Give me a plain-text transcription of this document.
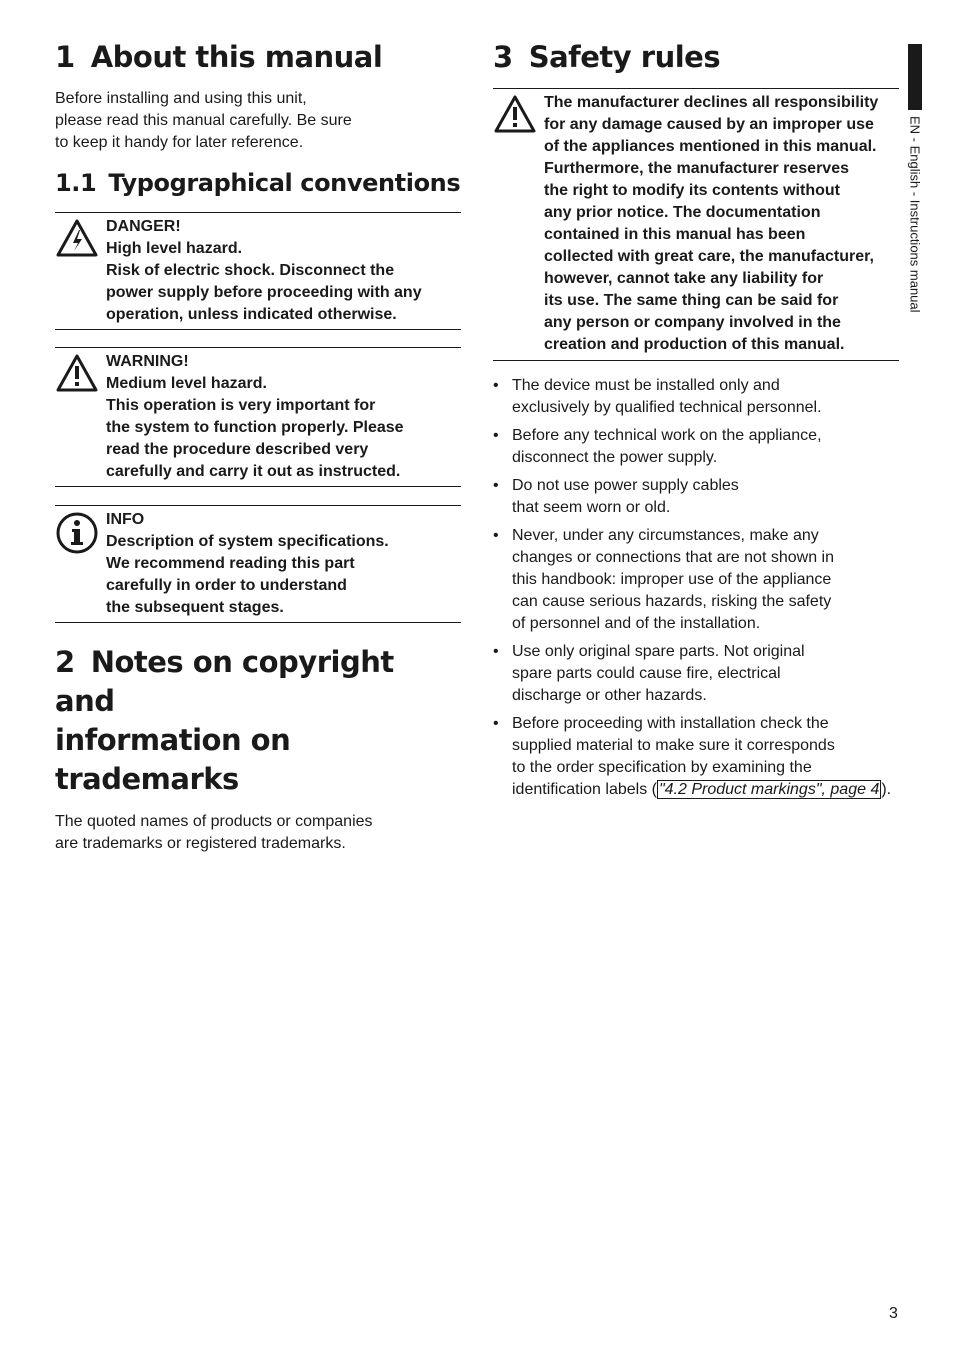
EN - English - Instructions manual
1 About this manual

Before installing and using this unit,
please read this manual carefully. Be sure
to keep it handy for later reference.

1.1 Typographical conventions
DANGER!
High level hazard.
Risk of electric shock. Disconnect the
power supply before proceeding with any
operation, unless indicated otherwise.
WARNING!
Medium level hazard.
This operation is very important for
the system to function properly. Please
read the procedure described very
carefully and carry it out as instructed.
INFO
Description of system specifications.
We recommend reading this part
carefully in order to understand
the subsequent stages.
2 Notes on copyright and
information on trademarks

The quoted names of products or companies
are trademarks or registered trademarks.

3 Safety rules
The manufacturer declines all responsibility
for any damage caused by an improper use
of the appliances mentioned in this manual.
Furthermore, the manufacturer reserves
the right to modify its contents without
any prior notice. The documentation
contained in this manual has been
collected with great care, the manufacturer,
however, cannot take any liability for
its use. The same thing can be said for
any person or company involved in the
creation and production of this manual.
• The device must be installed only and
exclusively by qualified technical personnel.
• Before any technical work on the appliance,
disconnect the power supply.
• Do not use power supply cables
that seem worn or old.
• Never, under any circumstances, make any
changes or connections that are not shown in
this handbook: improper use of the appliance
can cause serious hazards, risking the safety
of personnel and of the installation.
• Use only original spare parts. Not original
spare parts could cause fire, electrical
discharge or other hazards.
• Before proceeding with installation check the
supplied material to make sure it corresponds
to the order specification by examining the
identification labels ( "4.2 Product markings", page 4 ).
3
